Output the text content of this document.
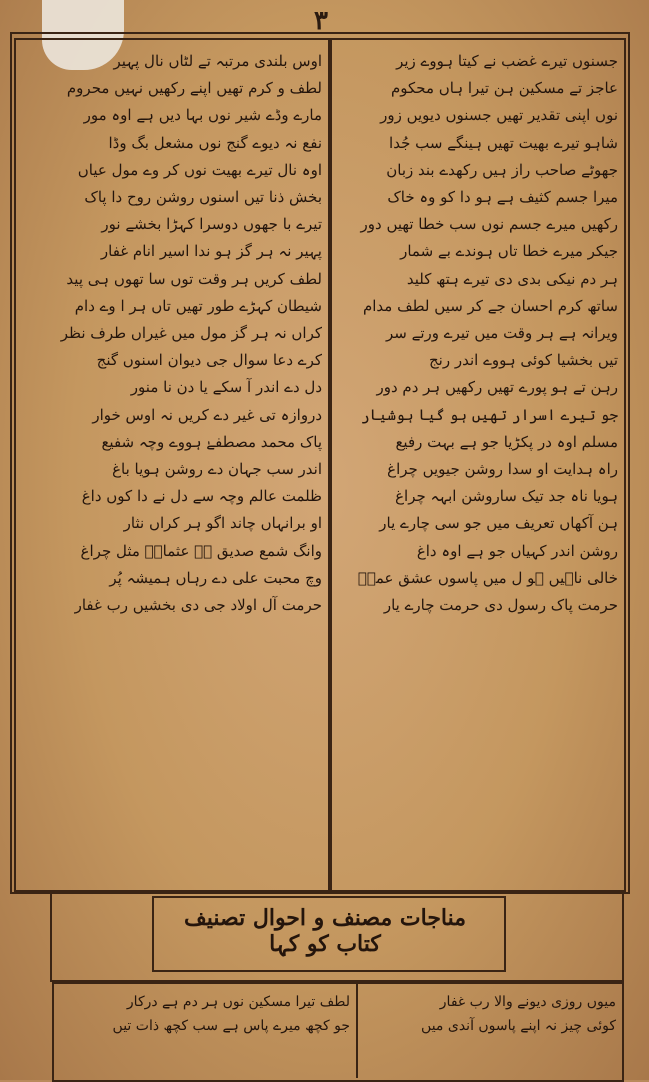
۳
جسنوں تیرے غضب نے کیتا ہووے زیر
عاجز تے مسکین ہن تیرا ہاں محکوم
نوں اپنی تقدیر تھیں جسنوں دیویں زور
شاہو تیرے بھیت تھیں ہینگے سب جُدا
جھوٹے صاحب راز ہیں رکھدے بند زبان
میرا جسم کثیف ہے ہو دا کو وہ خاک
رکھیں میرے جسم نوں سب خطا تھیں دور
جیکر میرے خطا تاں ہوندے بے شمار
ہر دم نیکی بدی دی تیرے ہتھ کلید
ساتھ کرم احسان جے کر سیں لطف مدام
ویرانہ ہے ہر وقت میں تیرے ورتے سر
تیں بخشیا کوئی ہووے اندر رنج
رہن تے ہو پورے تھیں رکھیں ہر دم دور
جو تیرے اسرار تھیں ہو گیا ہوشیار
مسلم اوہ در پکڑیا جو ہے بہت رفیع
راہ ہدایت او سدا روشن جیویں چراغ
ہویا ناہ جد تیک ساروشن ابہہ چراغ
ہن آکھاں تعریف میں جو سی چارے یار
روشن اندر کہیاں جو ہے اوہ داغ
خالی ناہیں ہو ل میں پاسوں عشق عمرؓ
حرمت پاک رسول دی حرمت چارے یار
اوس بلندی مرتبہ تے لٹاں نال پہیر
لطف و کرم تھیں اپنے رکھیں نہیں محروم
مارے وڈے شیر نوں بہا دیں ہے اوہ مور
نفع نہ دیوے گنج نوں مشعل بگ وڈا
اوہ نال تیرے بھیت نوں کر وے مول عیاں
بخش ذنا تیں اسنوں روشن روح دا پاک
تیرے با جھوں دوسرا کہڑا بخشے نور
پہیر نہ ہر گز ہو ندا اسیر انام غفار
لطف کریں ہر وقت توں سا تھوں ہی پید
شیطان کہڑے طور تھیں تاں ہر ا وے دام
کراں نہ ہر گز مول میں غیراں طرف نظر
کرے دعا سوال جی دیوان اسنوں گنج
دل دے اندر آ سکے یا دن نا منور
دروازہ تی غیر دے کریں نہ اوس خوار
پاک محمد مصطفےٰ ہووے وچہ شفیع
اندر سب جہان دے روشن ہویا باغ
ظلمت عالم وچہ سے دل نے دا کوں داغ
او برانہاں چاند اگو ہر کراں نثار
وانگ شمع صدیق ہے عثمانؓ مثل چراغ
وچ محبت علی دے رہاں ہمیشہ پُر
حرمت آل اولاد جی دی بخشیں رب غفار
مناجات مصنف و احوال تصنیف کتاب کو کہا
میوں روزی دیونے والا رب غفار
کوئی چیز نہ اپنے پاسوں آندی میں
لطف تیرا مسکین نوں ہر دم ہے درکار
جو کچھ میرے پاس ہے سب کچھ ذات تیں
